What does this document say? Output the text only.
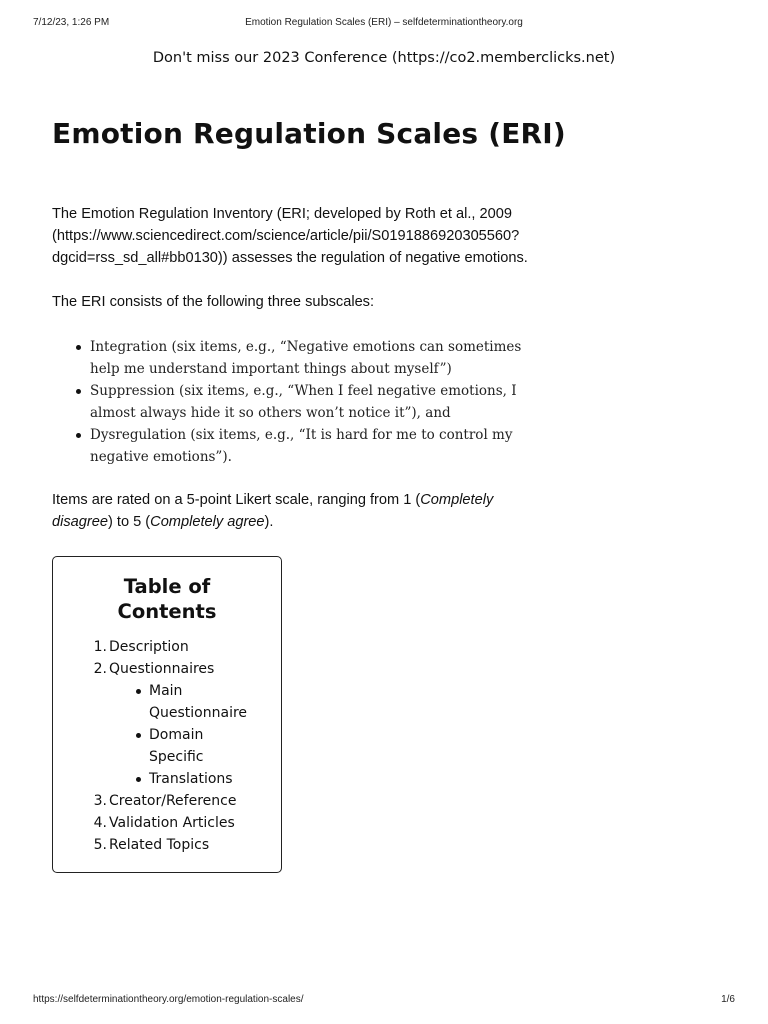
7/12/23, 1:26 PM	Emotion Regulation Scales (ERI) – selfdeterminationtheory.org
Don't miss our 2023 Conference (https://co2.memberclicks.net)
Emotion Regulation Scales (ERI)

The Emotion Regulation Inventory (ERI; developed by Roth et al., 2009
(https://www.sciencedirect.com/science/article/pii/S0191886920305560?
dgcid=rss_sd_all#bb0130)) assesses the regulation of negative emotions.

The ERI consists of the following three subscales:

Integration (six items, e.g., “Negative emotions can sometimes
help me understand important things about myself”)
Suppression (six items, e.g., “When I feel negative emotions, I
almost always hide it so others won’t notice it”), and
Dysregulation (six items, e.g., “It is hard for me to control my
negative emotions”).

Items are rated on a 5-point Likert scale, ranging from 1 (Completely
disagree) to 5 (Completely agree).

Table of
Contents
1. Description
2. Questionnaires
Main
Questionnaire
Domain
Specific
Translations
3. Creator/Reference
4. Validation Articles
5. Related Topics
https://selfdeterminationtheory.org/emotion-regulation-scales/	1/6
